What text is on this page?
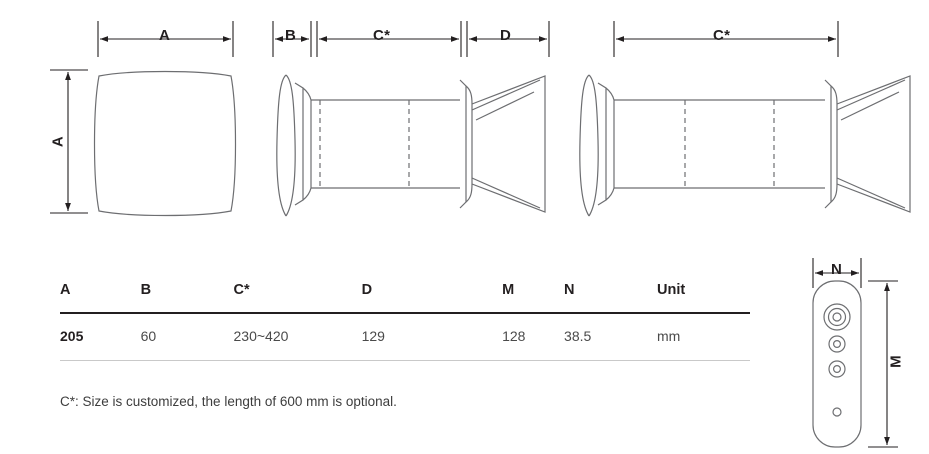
A
A
B	C*	D	C*
N
M
A	B	C*	D	M	N	Unit
205	60	230~420	129	128	38.5	mm
C*: Size is customized, the length of 600 mm is optional.
